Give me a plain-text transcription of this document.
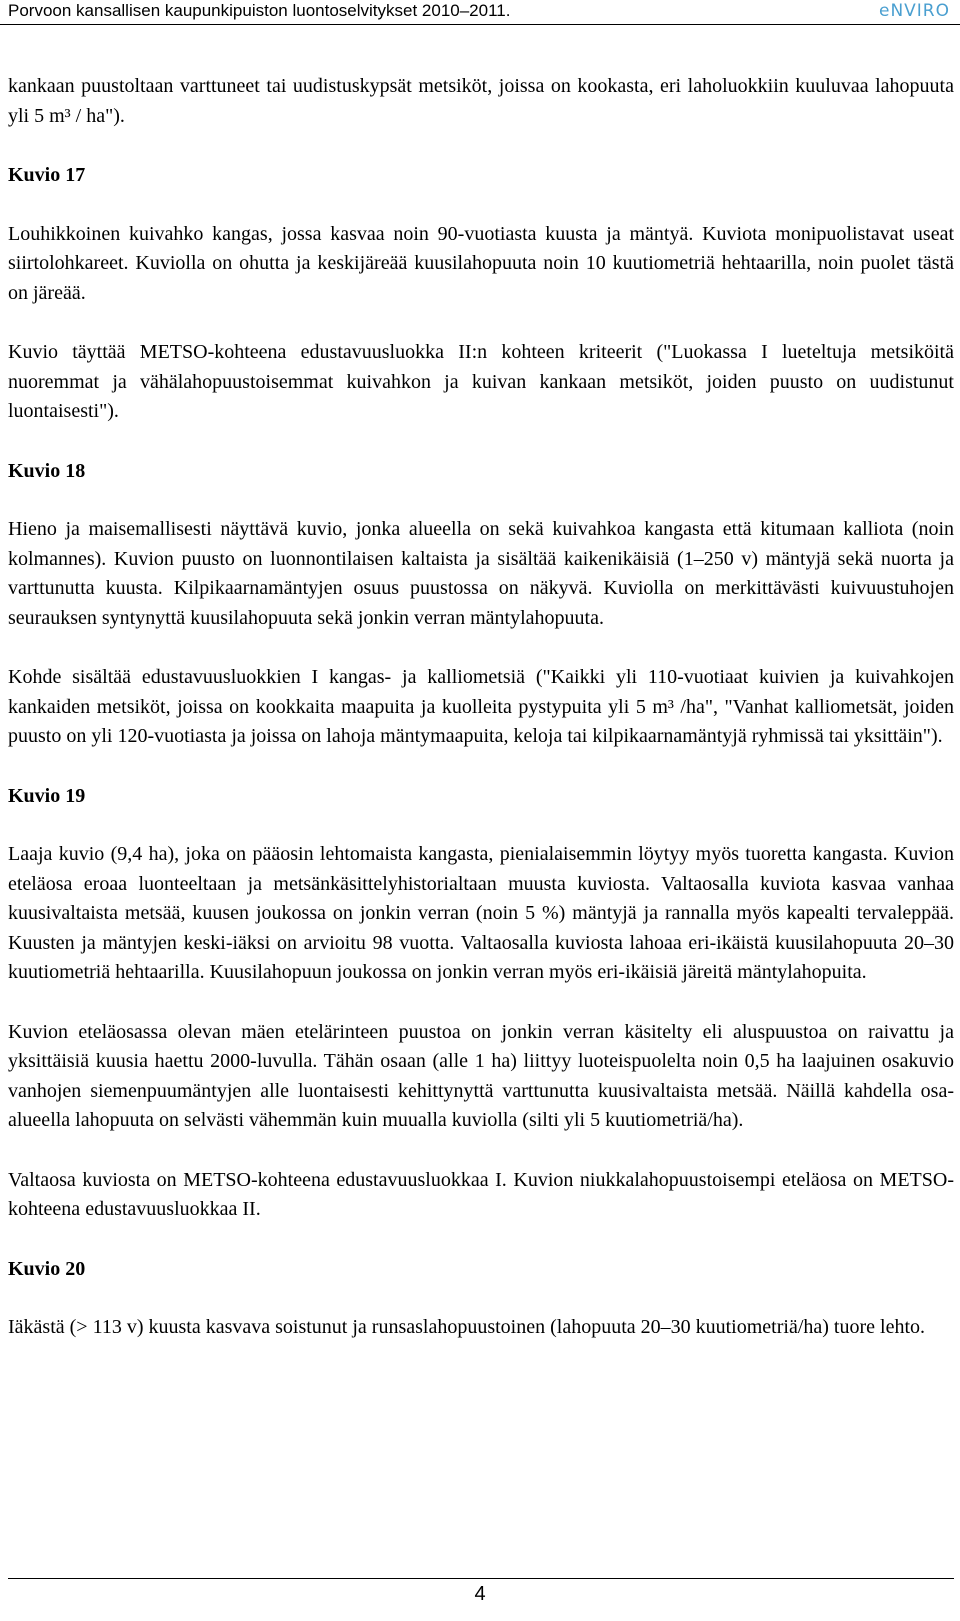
Porvoon kansallisen kaupunkipuiston luontoselvitykset 2010–2011.	eNVIRO

kankaan puustoltaan varttuneet tai uudistuskypsät metsiköt, joissa on kookasta, eri laholuokkiin kuuluvaa lahopuuta yli 5 m³ / ha").

Kuvio 17

Louhikkoinen kuivahko kangas, jossa kasvaa noin 90-vuotiasta kuusta ja mäntyä. Kuviota monipuolistavat useat siirtolohkareet. Kuviolla on ohutta ja keskijäreää kuusilahopuuta noin 10 kuutiometriä hehtaarilla, noin puolet tästä on järeää.

Kuvio täyttää METSO-kohteena edustavuusluokka II:n kohteen kriteerit ("Luokassa I lueteltuja metsiköitä nuoremmat ja vähälahopuustoisemmat kuivahkon ja kuivan kankaan metsiköt, joiden puusto on uudistunut luontaisesti").

Kuvio 18

Hieno ja maisemallisesti näyttävä kuvio, jonka alueella on sekä kuivahkoa kangasta että kitumaan kalliota (noin kolmannes). Kuvion puusto on luonnontilaisen kaltaista ja sisältää kaikenikäisiä (1–250 v) mäntyjä sekä nuorta ja varttunutta kuusta. Kilpikaarnamäntyjen osuus puustossa on näkyvä. Kuviolla on merkittävästi kuivuustuhojen seurauksen syntynyttä kuusilahopuuta sekä jonkin verran mäntylahopuuta.

Kohde sisältää edustavuusluokkien I kangas- ja kalliometsiä ("Kaikki yli 110-vuotiaat kuivien ja kuivahkojen kankaiden metsiköt, joissa on kookkaita maapuita ja kuolleita pystypuita yli 5 m³ /ha", "Vanhat kalliometsät, joiden puusto on yli 120-vuotiasta ja joissa on lahoja mäntymaapuita, keloja tai kilpikaarnamäntyjä ryhmissä tai yksittäin").

Kuvio 19

Laaja kuvio (9,4 ha), joka on pääosin lehtomaista kangasta, pienialaisemmin löytyy myös tuoretta kangasta. Kuvion eteläosa eroaa luonteeltaan ja metsänkäsittelyhistorialtaan muusta kuviosta. Valtaosalla kuviota kasvaa vanhaa kuusivaltaista metsää, kuusen joukossa on jonkin verran (noin 5 %) mäntyjä ja rannalla myös kapealti tervaleppää. Kuusten ja mäntyjen keski-iäksi on arvioitu 98 vuotta. Valtaosalla kuviosta lahoaa eri-ikäistä kuusilahopuuta 20–30 kuutiometriä hehtaarilla. Kuusilahopuun joukossa on jonkin verran myös eri-ikäisiä järeitä mäntylahopuita.

Kuvion eteläosassa olevan mäen etelärinteen puustoa on jonkin verran käsitelty eli aluspuustoa on raivattu ja yksittäisiä kuusia haettu 2000-luvulla. Tähän osaan (alle 1 ha) liittyy luoteispuolelta noin 0,5 ha laajuinen osakuvio vanhojen siemenpuumäntyjen alle luontaisesti kehittynyttä varttunutta kuusivaltaista metsää. Näillä kahdella osa-alueella lahopuuta on selvästi vähemmän kuin muualla kuviolla (silti yli 5 kuutiometriä/ha).

Valtaosa kuviosta on METSO-kohteena edustavuusluokkaa I. Kuvion niukkalahopuustoisempi eteläosa on METSO-kohteena edustavuusluokkaa II.

Kuvio 20

Iäkästä (> 113 v) kuusta kasvava soistunut ja runsaslahopuustoinen (lahopuuta 20–30 kuutiometriä/ha) tuore lehto.

4
